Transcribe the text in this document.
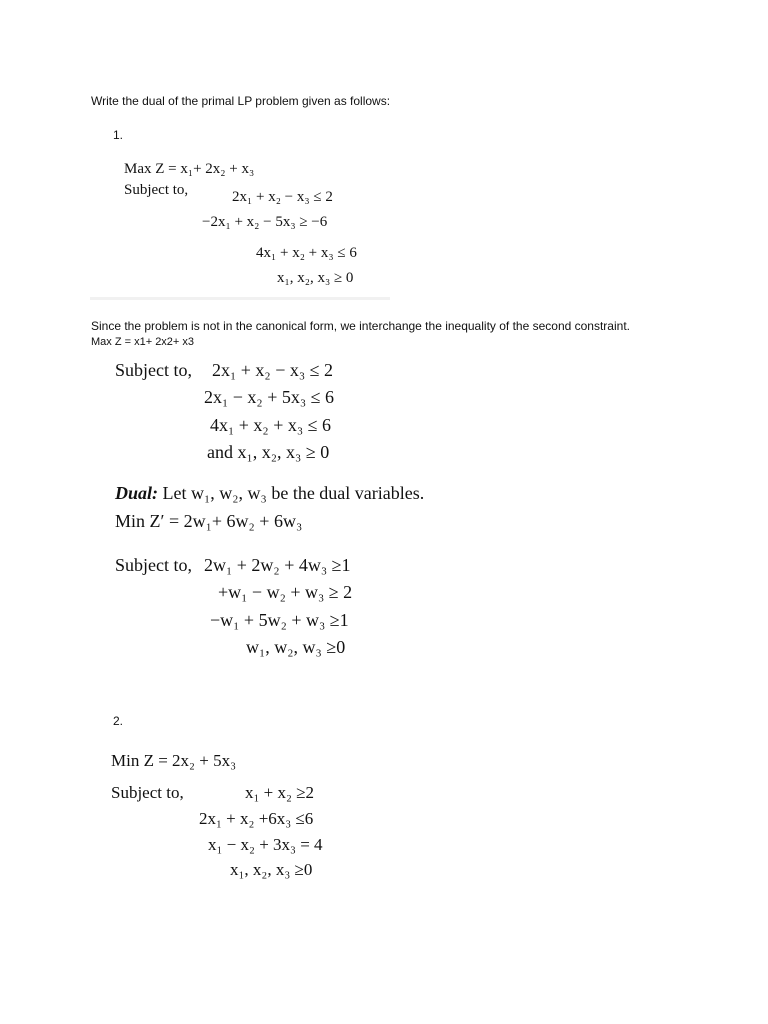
Write the dual of the primal LP problem given as follows:
1.
Max Z = x₁+ 2x₂ + x₃
Subject to,	2x₁ + x₂ − x₃ ≤ 2
−2x₁ + x₂ − 5x₃ ≥ −6
4x₁ + x₂ + x₃ ≤ 6
x₁, x₂, x₃ ≥ 0
Since the problem is not in the canonical form, we interchange the inequality of the second constraint.
Max Z = x1+ 2x2+ x3
Subject to, 2x₁ + x₂ − x₃ ≤ 2
2x₁ − x₂ + 5x₃ ≤ 6
4x₁ + x₂ + x₃ ≤ 6
and x₁, x₂, x₃ ≥ 0
Dual: Let w₁, w₂, w₃ be the dual variables.
Min Z′ = 2w₁+ 6w₂ + 6w₃
Subject to, 2w₁ + 2w₂ + 4w₃ ≥1
+w₁ − w₂ + w₃ ≥ 2
−w₁ + 5w₂ + w₃ ≥1
w₁, w₂, w₃ ≥0
2.
Min Z = 2x₂ + 5x₃
Subject to,	x₁ + x₂ ≥2
2x₁ + x₂ +6x₃ ≤6
x₁ − x₂ + 3x₃ = 4
x₁, x₂, x₃ ≥0
